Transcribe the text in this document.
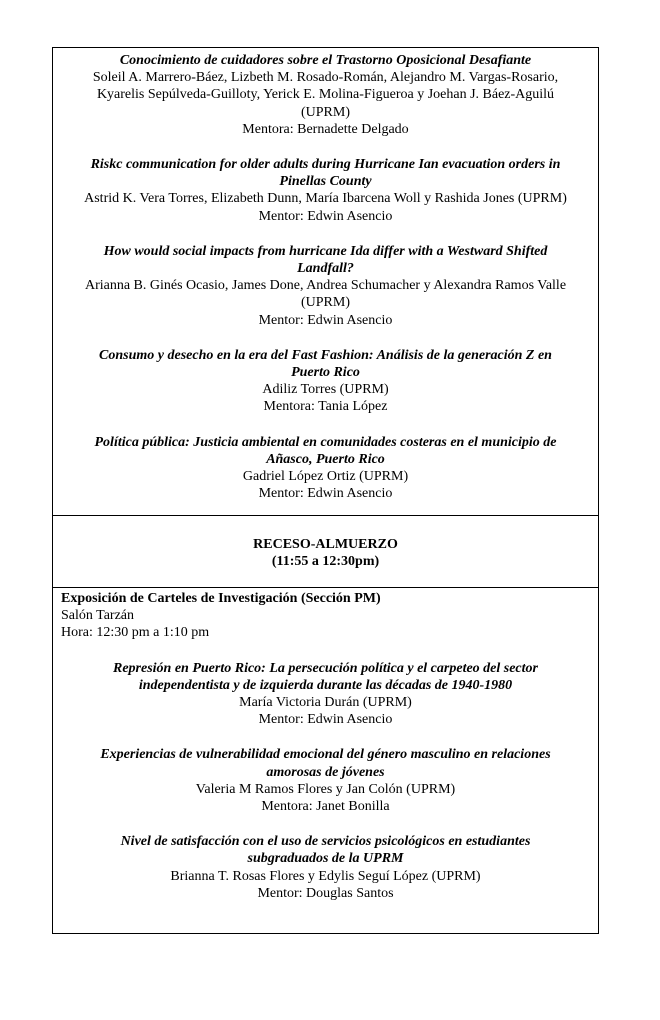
Conocimiento de cuidadores sobre el Trastorno Oposicional Desafiante
Soleil A. Marrero-Báez, Lizbeth M. Rosado-Román, Alejandro M. Vargas-Rosario,
Kyarelis Sepúlveda-Guilloty, Yerick E. Molina-Figueroa y Joehan J. Báez-Aguilú
(UPRM)
Mentora: Bernadette Delgado
Riskc communication for older adults during Hurricane Ian evacuation orders in
Pinellas County
Astrid K. Vera Torres, Elizabeth Dunn, María Ibarcena Woll y Rashida Jones (UPRM)
Mentor: Edwin Asencio
How would social impacts from hurricane Ida differ with a Westward Shifted
Landfall?
Arianna B. Ginés Ocasio, James Done, Andrea Schumacher y Alexandra Ramos Valle
(UPRM)
Mentor: Edwin Asencio
Consumo y desecho en la era del Fast Fashion: Análisis de la generación Z en
Puerto Rico
Adiliz Torres (UPRM)
Mentora: Tania López
Política pública: Justicia ambiental en comunidades costeras en el municipio de
Añasco, Puerto Rico
Gadriel López Ortiz (UPRM)
Mentor: Edwin Asencio
RECESO-ALMUERZO
(11:55 a 12:30pm)
Exposición de Carteles de Investigación (Sección PM)
Salón Tarzán
Hora: 12:30 pm a 1:10 pm
Represión en Puerto Rico: La persecución política y el carpeteo del sector
independentista y de izquierda durante las décadas de 1940-1980
María Victoria Durán (UPRM)
Mentor: Edwin Asencio
Experiencias de vulnerabilidad emocional del género masculino en relaciones
amorosas de jóvenes
Valeria M Ramos Flores y Jan Colón (UPRM)
Mentora: Janet Bonilla
Nivel de satisfacción con el uso de servicios psicológicos en estudiantes
subgraduados de la UPRM
Brianna T. Rosas Flores y Edylis Seguí López (UPRM)
Mentor: Douglas Santos
